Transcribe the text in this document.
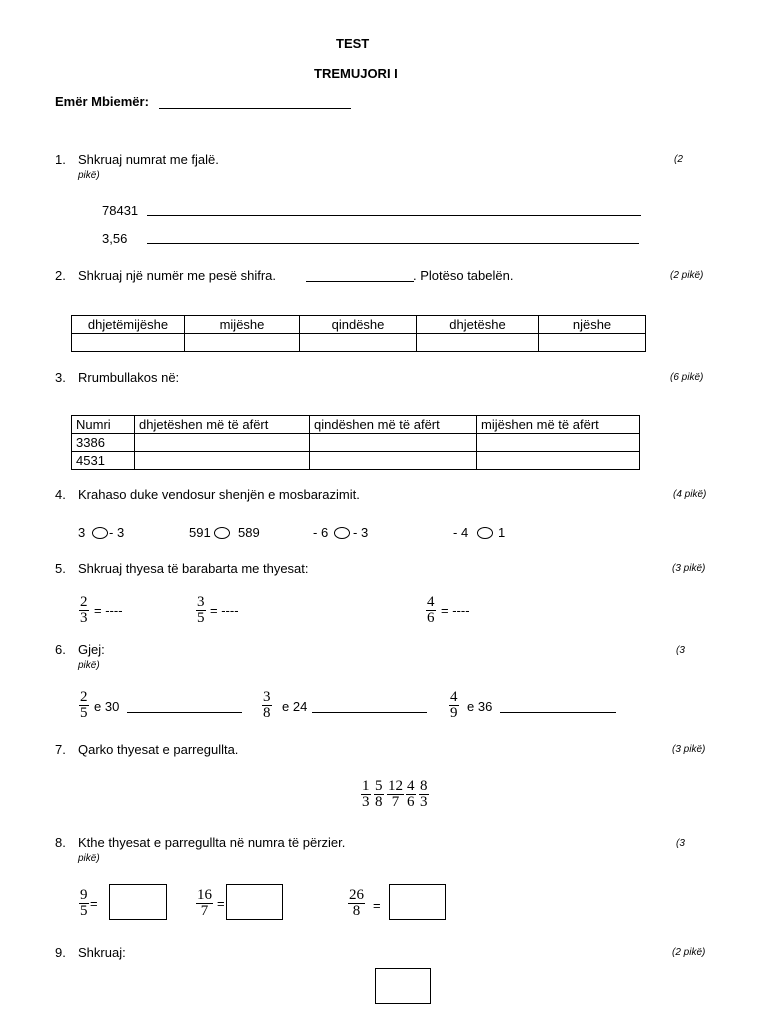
TEST
TREMUJORI I
Emër Mbiemër:
1. Shkruaj numrat me fjalë.	(2
pikë)
78431
3,56
2. Shkruaj një numër me pesë shifra.	. Plotëso tabelën.	(2 pikë)
dhjetëmijëshe	mijëshe	qindëshe	dhjetëshe	njëshe

3. Rrumbullakos në:	(6 pikë)
Numri	dhjetëshen më të afërt	qindëshen më të afërt	mijëshen më të afërt
3386			
4531			
4. Krahaso duke vendosur shenjën e mosbarazimit.	(4 pikë)
3 - 3	591 589	- 6 - 3	- 4 1
5. Shkruaj thyesa të barabarta me thyesat:	(3 pikë)
$\frac{2}{3}$ = ----	$\frac{3}{5}$ = ----	$\frac{4}{6}$ = ----
6. Gjej:	(3
pikë)
$\frac{2}{5}$ e 30	$\frac{3}{8}$ e 24	$\frac{4}{9}$ e 36
7. Qarko thyesat e parregullta.	(3 pikë)
$\frac{1}{3} \frac{5}{8} \frac{12}{7} \frac{4}{6} \frac{8}{3}$
8. Kthe thyesat e parregullta në numra të përzier.	(3
pikë)
$\frac{9}{5}$ =	$\frac{16}{7}$ =	$\frac{26}{8}$ =
9. Shkruaj:	(2 pikë)
